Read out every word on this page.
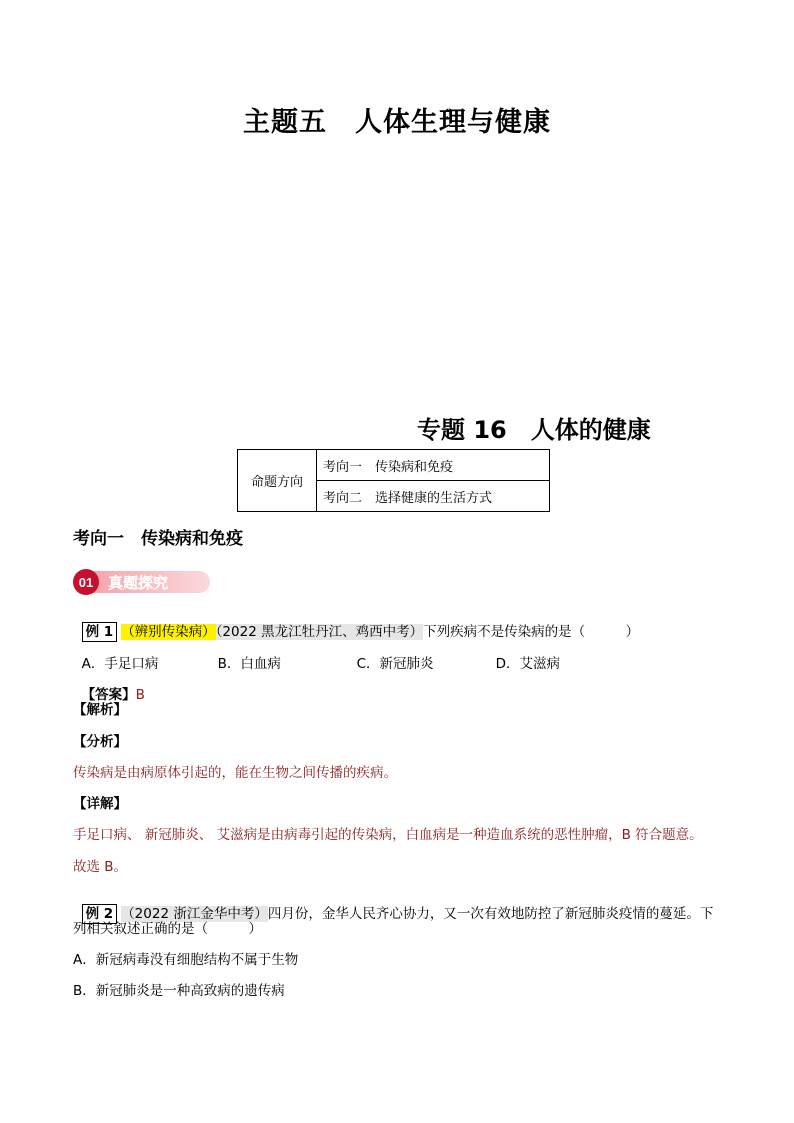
主题五　人体生理与健康
专题 16　人体的健康
命题方向	考向一　传染病和免疫
考向二　选择健康的生活方式
考向一　传染病和免疫
01 真题探究

例 1 （辨别传染病）（2022 黑龙江牡丹江、鸡西中考）下列疾病不是传染病的是（　　　）

A．手足口病	B．白血病	C．新冠肺炎	D．艾滋病

【答案】B

【解析】
【分析】
传染病是由病原体引起的，能在生物之间传播的疾病。
【详解】
手足口病、 新冠肺炎、 艾滋病是由病毒引起的传染病，白血病是一种造血系统的恶性肿瘤，B 符合题意。
故选 B。

例 2 （2022 浙江金华中考）四月份，金华人民齐心协力，又一次有效地防控了新冠肺炎疫情的蔓延。下

列相关叙述正确的是（　　　）
A．新冠病毒没有细胞结构不属于生物
B．新冠肺炎是一种高致病的遗传病
